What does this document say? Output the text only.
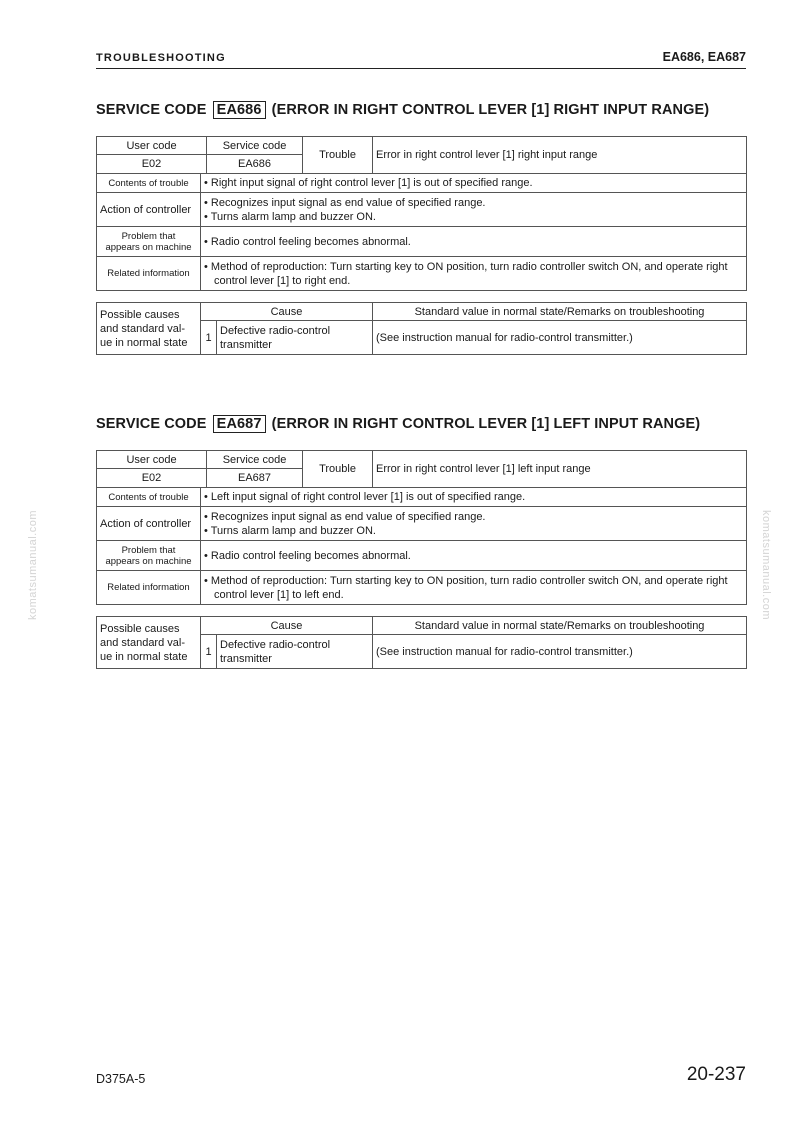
TROUBLESHOOTING	EA686, EA687
komatsumanual.com	komatsumanual.com
SERVICE CODE EA686 (ERROR IN RIGHT CONTROL LEVER [1] RIGHT INPUT RANGE)
User code		Service code	Trouble	Error in right control lever [1] right input range
E02		EA686		
Contents of trouble	• Right input signal of right control lever [1] is out of specified range.

Action of controller	• Recognizes input signal as end value of specified range.
• Turns alarm lamp and buzzer ON.

Problem that
appears on machine	• Radio control feeling becomes abnormal.

Related information	• Method of reproduction: Turn starting key to ON position, turn radio controller switch ON, and operate right control lever [1] to right end.
Possible causes
and standard val-
ue in normal state	Cause		Standard value in normal state/Remarks on troubleshooting
	1	Defective radio-control
transmitter	(See instruction manual for radio-control transmitter.)
SERVICE CODE EA687 (ERROR IN RIGHT CONTROL LEVER [1] LEFT INPUT RANGE)
User code		Service code	Trouble	Error in right control lever [1] left input range
E02		EA687		
Contents of trouble	• Left input signal of right control lever [1] is out of specified range.

Action of controller	• Recognizes input signal as end value of specified range.
• Turns alarm lamp and buzzer ON.

Problem that
appears on machine	• Radio control feeling becomes abnormal.

Related information	• Method of reproduction: Turn starting key to ON position, turn radio controller switch ON, and operate right control lever [1] to left end.
Possible causes
and standard val-
ue in normal state	Cause		Standard value in normal state/Remarks on troubleshooting
	1	Defective radio-control
transmitter	(See instruction manual for radio-control transmitter.)
D375A-5	20-237
